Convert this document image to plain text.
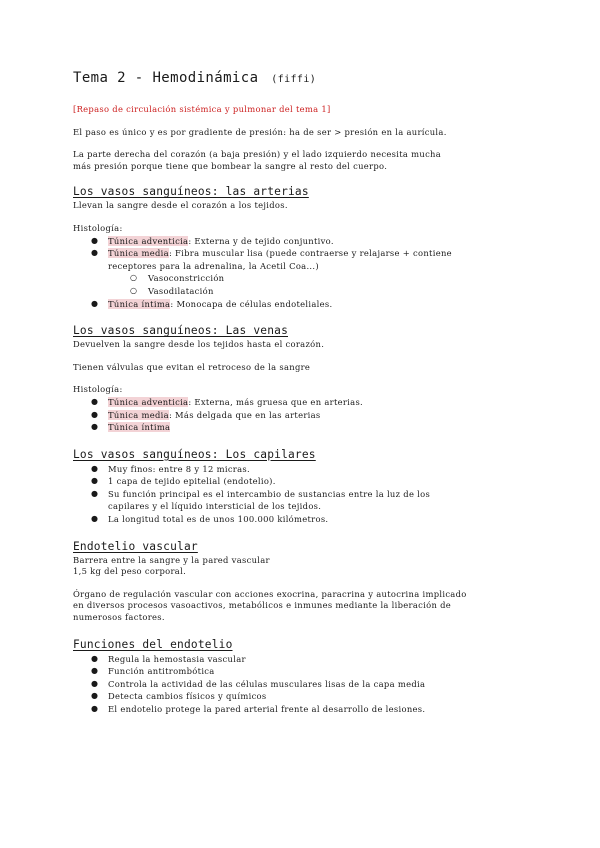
Tema 2 - Hemodinámica (fiffi)

[Repaso de circulación sistémica y pulmonar del tema 1]

El paso es único y es por gradiente de presión: ha de ser > presión en la aurícula.

La parte derecha del corazón (a baja presión) y el lado izquierdo necesita mucha

más presión porque tiene que bombear la sangre al resto del cuerpo.

Los vasos sanguíneos: las arterias

Llevan la sangre desde el corazón a los tejidos.

Histología:

● Túnica adventicia: Externa y de tejido conjuntivo.
● Túnica media: Fibra muscular lisa (puede contraerse y relajarse + contiene
receptores para la adrenalina, la Acetil Coa...)
○ Vasoconstricción
○ Vasodilatación
● Túnica íntima: Monocapa de células endoteliales.
Los vasos sanguíneos: Las venas

Devuelven la sangre desde los tejidos hasta el corazón.

Tienen válvulas que evitan el retroceso de la sangre

Histología:

● Túnica adventicia: Externa, más gruesa que en arterias.
● Túnica media: Más delgada que en las arterias
● Túnica íntima
Los vasos sanguíneos: Los capilares
● Muy finos: entre 8 y 12 micras.
● 1 capa de tejido epitelial (endotelio).
● Su función principal es el intercambio de sustancias entre la luz de los
capilares y el líquido intersticial de los tejidos.
● La longitud total es de unos 100.000 kilómetros.
Endotelio vascular

Barrera entre la sangre y la pared vascular

1,5 kg del peso corporal.

Órgano de regulación vascular con acciones exocrina, paracrina y autocrina implicado

en diversos procesos vasoactivos, metabólicos e inmunes mediante la liberación de

numerosos factores.

Funciones del endotelio
● Regula la hemostasia vascular
● Función antitrombótica
● Controla la actividad de las células musculares lisas de la capa media
● Detecta cambios físicos y químicos
● El endotelio protege la pared arterial frente al desarrollo de lesiones.
